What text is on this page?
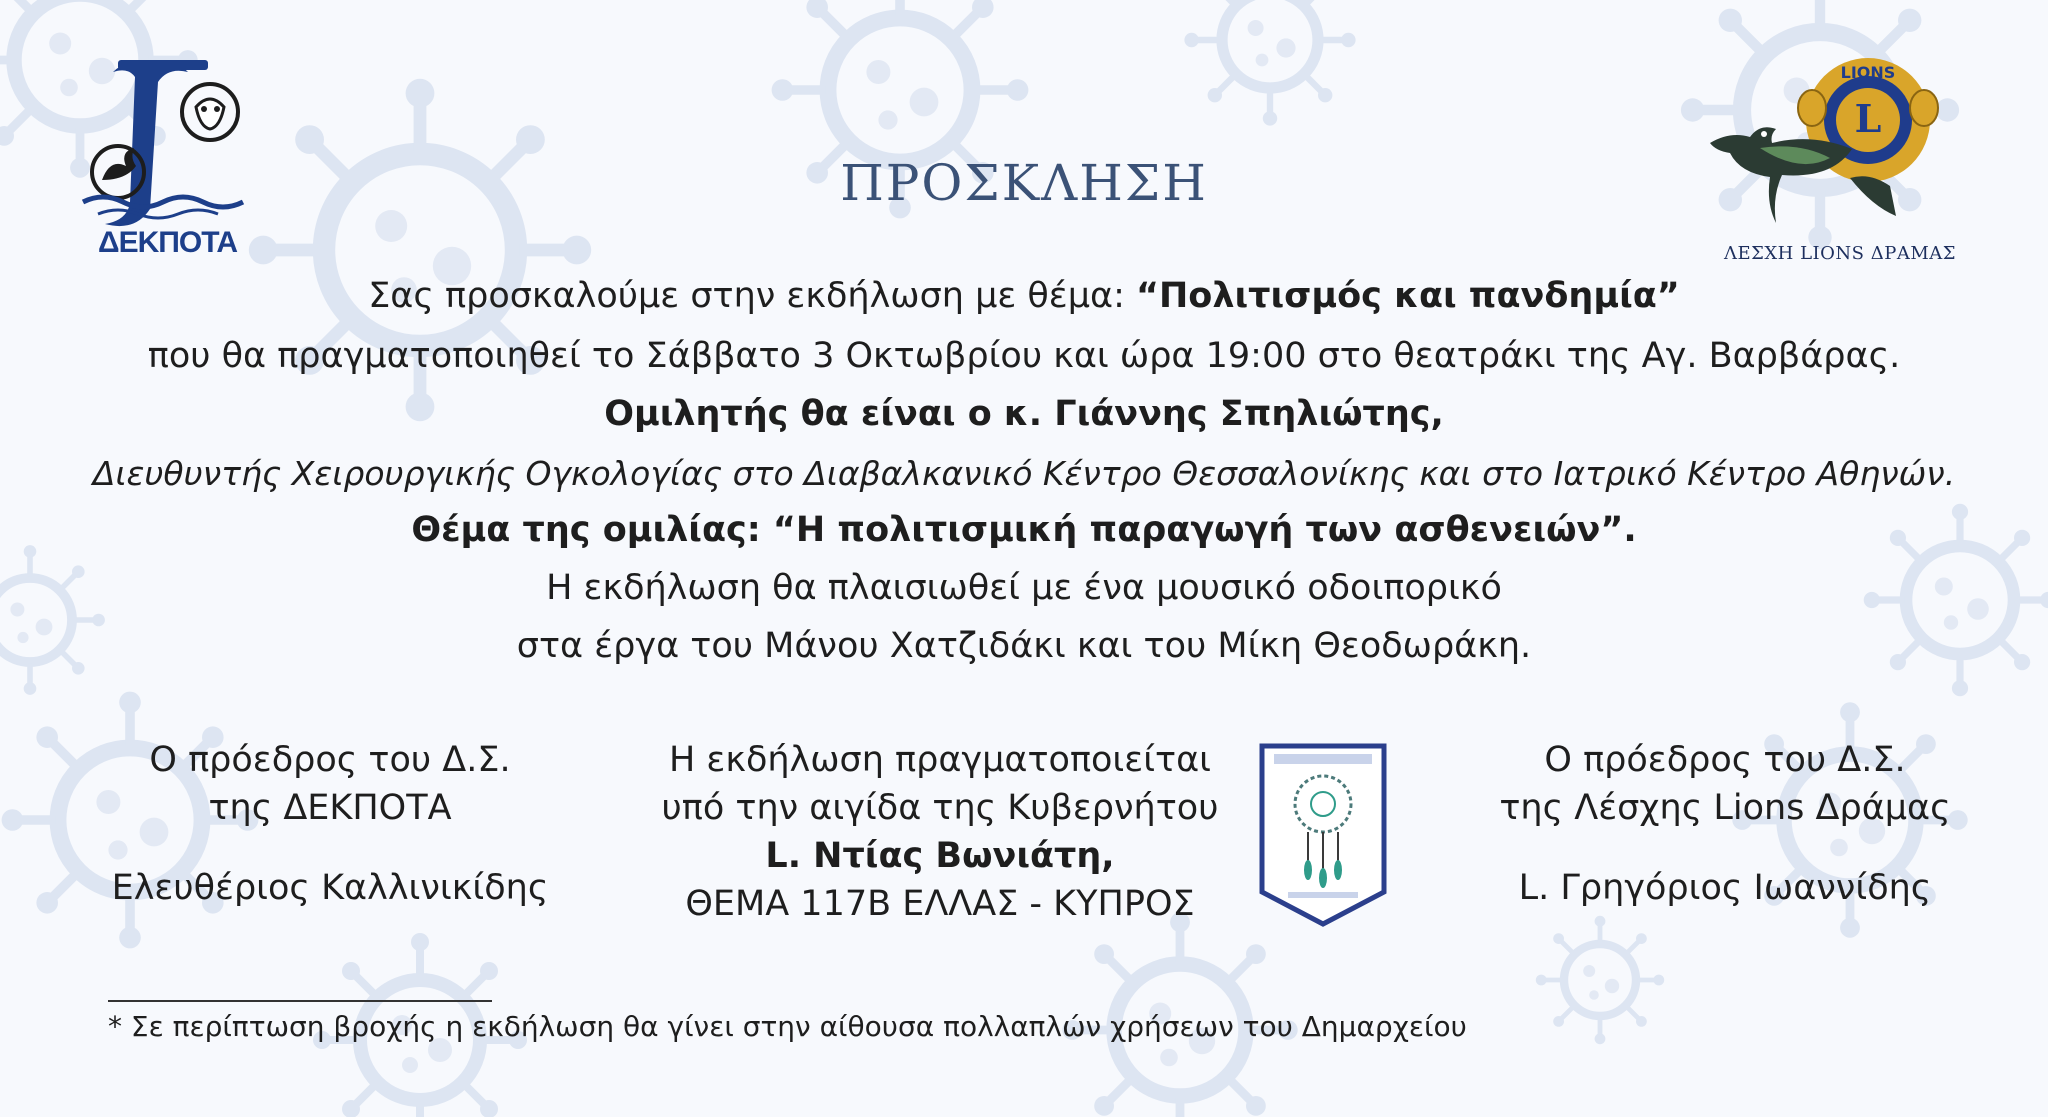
ΔΕΚΠΟΤΑ
L
LIONS
ΛΕΣΧΗ LIONS ΔΡΑΜΑΣ
ΠΡΟΣΚΛΗΣΗ
Σας προσκαλούμε στην εκδήλωση με θέμα: “Πολιτισμός και πανδημία”
που θα πραγματοποιηθεί το Σάββατο 3 Οκτωβρίου και ώρα 19:00 στο θεατράκι της Αγ. Βαρβάρας.
Ομιλητής θα είναι ο κ. Γιάννης Σπηλιώτης,
Διευθυντής Χειρουργικής Ογκολογίας στο Διαβαλκανικό Κέντρο Θεσσαλονίκης και στο Ιατρικό Κέντρο Αθηνών.
Θέμα της ομιλίας: “Η πολιτισμική παραγωγή των ασθενειών”.
Η εκδήλωση θα πλαισιωθεί με ένα μουσικό οδοιπορικό
στα έργα του Μάνου Χατζιδάκι και του Μίκη Θεοδωράκη.
Ο πρόεδρος του Δ.Σ.
της ΔΕΚΠΟΤΑ
Ελευθέριος Καλλινικίδης
Η εκδήλωση πραγματοποιείται
υπό την αιγίδα της Κυβερνήτου
L. Ντίας Βωνιάτη,
ΘΕΜΑ 117Β ΕΛΛΑΣ - ΚΥΠΡΟΣ
Ο πρόεδρος του Δ.Σ.
της Λέσχης Lions Δράμας
L. Γρηγόριος Ιωαννίδης
* Σε περίπτωση βροχής η εκδήλωση θα γίνει στην αίθουσα πολλαπλών χρήσεων του Δημαρχείου
